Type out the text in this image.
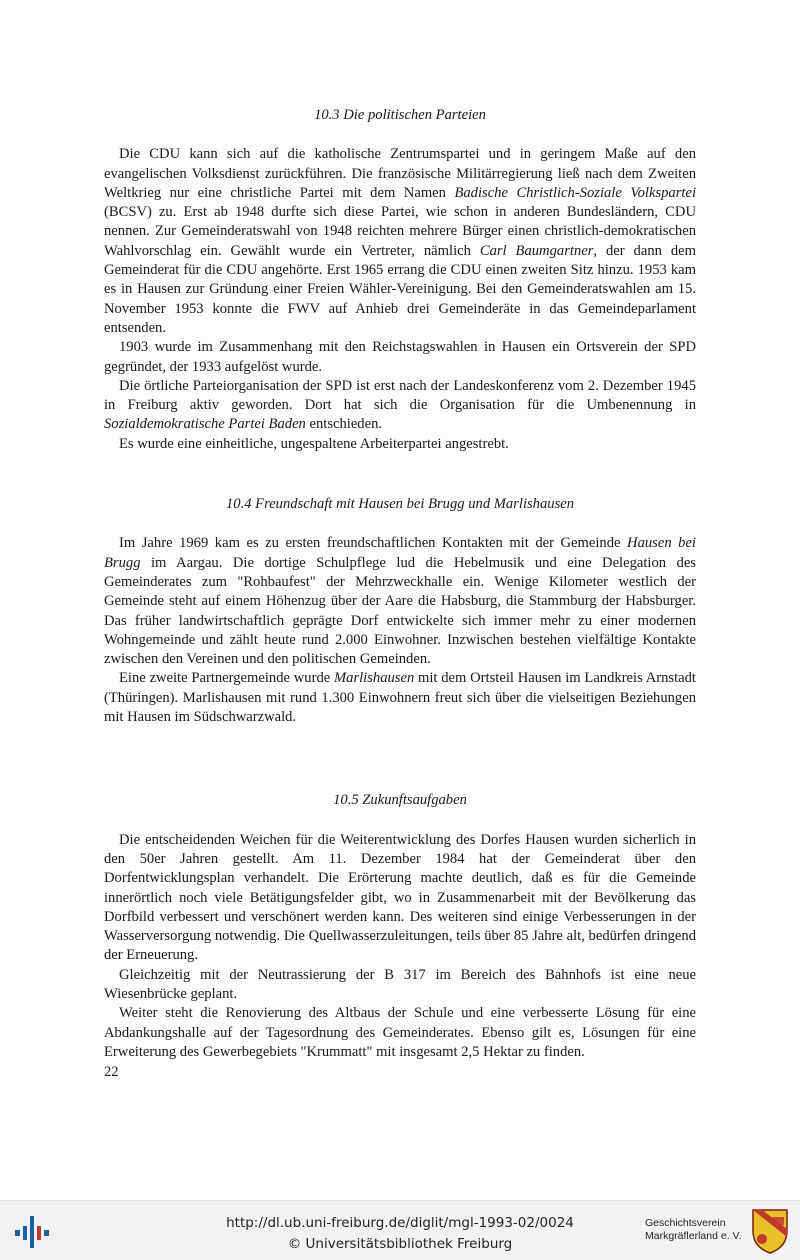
10.3 Die politischen Parteien

Die CDU kann sich auf die katholische Zentrumspartei und in geringem Maße auf den evangelischen Volksdienst zurückführen. Die französische Militärregierung ließ nach dem Zweiten Weltkrieg nur eine christliche Partei mit dem Namen Badische Christlich-Soziale Volkspartei (BCSV) zu. Erst ab 1948 durfte sich diese Partei, wie schon in anderen Bundesländern, CDU nennen. Zur Gemeinderatswahl von 1948 reichten mehrere Bürger einen christlich-demokratischen Wahlvorschlag ein. Gewählt wurde ein Vertreter, nämlich Carl Baumgartner, der dann dem Gemeinderat für die CDU angehörte. Erst 1965 errang die CDU einen zweiten Sitz hinzu. 1953 kam es in Hausen zur Gründung einer Freien Wähler-Vereinigung. Bei den Gemeinderatswahlen am 15. November 1953 konnte die FWV auf Anhieb drei Gemeinderäte in das Gemeindeparlament entsenden.

1903 wurde im Zusammenhang mit den Reichstagswahlen in Hausen ein Ortsverein der SPD gegründet, der 1933 aufgelöst wurde.

Die örtliche Parteiorganisation der SPD ist erst nach der Landeskonferenz vom 2. Dezember 1945 in Freiburg aktiv geworden. Dort hat sich die Organisation für die Umbenennung in Sozialdemokratische Partei Baden entschieden.

Es wurde eine einheitliche, ungespaltene Arbeiterpartei angestrebt.

10.4 Freundschaft mit Hausen bei Brugg und Marlishausen

Im Jahre 1969 kam es zu ersten freundschaftlichen Kontakten mit der Gemeinde Hausen bei Brugg im Aargau. Die dortige Schulpflege lud die Hebelmusik und eine Delegation des Gemeinderates zum "Rohbaufest" der Mehrzweckhalle ein. Wenige Kilometer westlich der Gemeinde steht auf einem Höhenzug über der Aare die Habsburg, die Stammburg der Habsburger. Das früher landwirtschaftlich geprägte Dorf entwickelte sich immer mehr zu einer modernen Wohngemeinde und zählt heute rund 2.000 Einwohner. Inzwischen bestehen vielfältige Kontakte zwischen den Vereinen und den politischen Gemeinden.

Eine zweite Partnergemeinde wurde Marlishausen mit dem Ortsteil Hausen im Landkreis Arnstadt (Thüringen). Marlishausen mit rund 1.300 Einwohnern freut sich über die vielseitigen Beziehungen mit Hausen im Südschwarzwald.

10.5 Zukunftsaufgaben

Die entscheidenden Weichen für die Weiterentwicklung des Dorfes Hausen wurden sicherlich in den 50er Jahren gestellt. Am 11. Dezember 1984 hat der Gemeinderat über den Dorfentwicklungsplan verhandelt. Die Erörterung machte deutlich, daß es für die Gemeinde innerörtlich noch viele Betätigungsfelder gibt, wo in Zusammenarbeit mit der Bevölkerung das Dorfbild verbessert und verschönert werden kann. Des weiteren sind einige Verbesserungen in der Wasserversorgung notwendig. Die Quellwasserzuleitungen, teils über 85 Jahre alt, bedürfen dringend der Erneuerung.

Gleichzeitig mit der Neutrassierung der B 317 im Bereich des Bahnhofs ist eine neue Wiesenbrücke geplant.

Weiter steht die Renovierung des Altbaus der Schule und eine verbesserte Lösung für eine Abdankungshalle auf der Tagesordnung des Gemeinderates. Ebenso gilt es, Lösungen für eine Erweiterung des Gewerbegebiets "Krummatt" mit insgesamt 2,5 Hektar zu finden.

22
http://dl.ub.uni-freiburg.de/diglit/mgl-1993-02/0024
© Universitätsbibliothek Freiburg
Geschichtsverein
Markgräflerland e. V.
